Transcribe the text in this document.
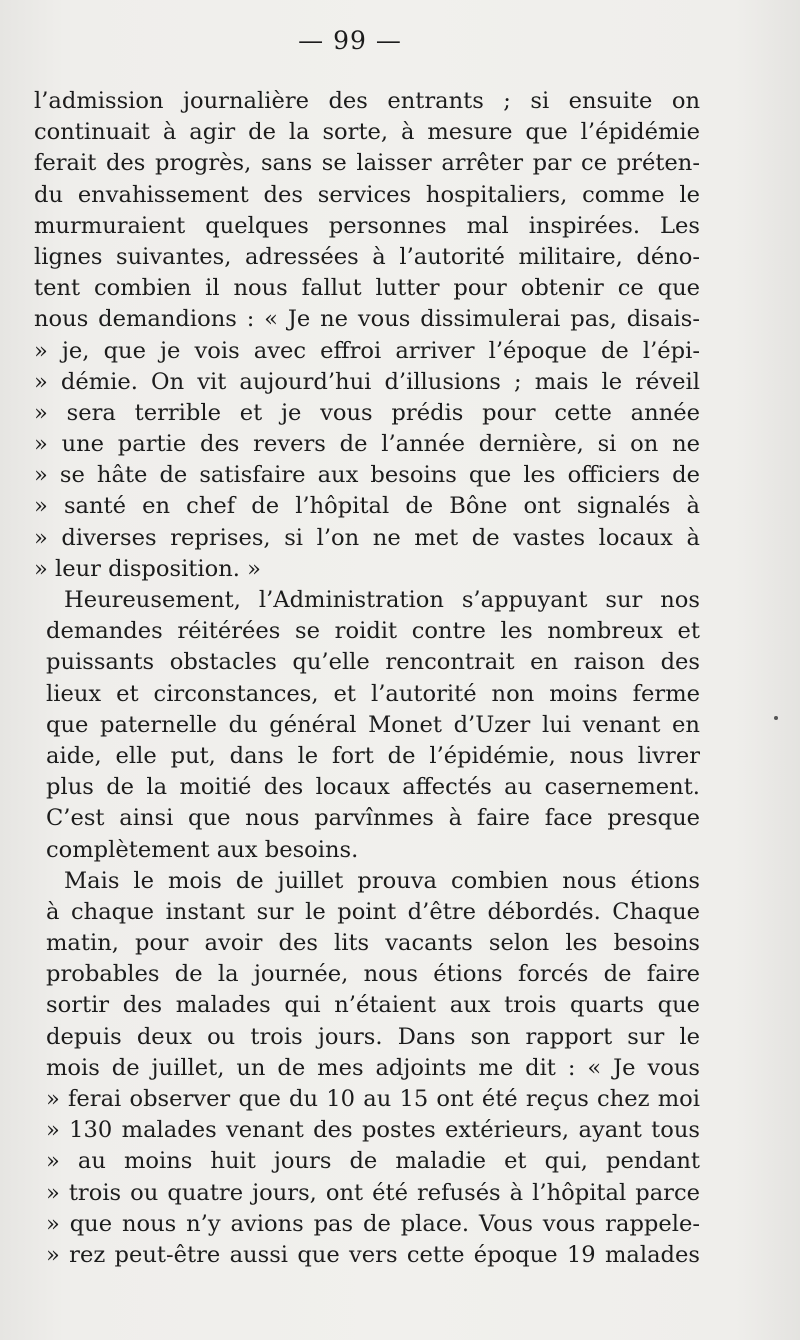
— 99 —
l’admission journalière des entrants ; si ensuite on
continuait à agir de la sorte, à mesure que l’épidémie
ferait des progrès, sans se laisser arrêter par ce préten-
du envahissement des services hospitaliers, comme le
murmuraient quelques personnes mal inspirées. Les
lignes suivantes, adressées à l’autorité militaire, déno-
tent combien il nous fallut lutter pour obtenir ce que
nous demandions : « Je ne vous dissimulerai pas, disais-
» je, que je vois avec effroi arriver l’époque de l’épi-
» démie. On vit aujourd’hui d’illusions ; mais le réveil
» sera terrible et je vous prédis pour cette année
» une partie des revers de l’année dernière, si on ne
» se hâte de satisfaire aux besoins que les officiers de
» santé en chef de l’hôpital de Bône ont signalés à
» diverses reprises, si l’on ne met de vastes locaux à
» leur disposition. »
Heureusement, l’Administration s’appuyant sur nos
demandes réitérées se roidit contre les nombreux et
puissants obstacles qu’elle rencontrait en raison des
lieux et circonstances, et l’autorité non moins ferme
que paternelle du général Monet d’Uzer lui venant en
aide, elle put, dans le fort de l’épidémie, nous livrer
plus de la moitié des locaux affectés au casernement.
C’est ainsi que nous parvînmes à faire face presque
complètement aux besoins.
Mais le mois de juillet prouva combien nous étions
à chaque instant sur le point d’être débordés. Chaque
matin, pour avoir des lits vacants selon les besoins
probables de la journée, nous étions forcés de faire
sortir des malades qui n’étaient aux trois quarts que
depuis deux ou trois jours. Dans son rapport sur le
mois de juillet, un de mes adjoints me dit : « Je vous
» ferai observer que du 10 au 15 ont été reçus chez moi
» 130 malades venant des postes extérieurs, ayant tous
» au moins huit jours de maladie et qui, pendant
» trois ou quatre jours, ont été refusés à l’hôpital parce
» que nous n’y avions pas de place. Vous vous rappele-
» rez peut-être aussi que vers cette époque 19 malades
